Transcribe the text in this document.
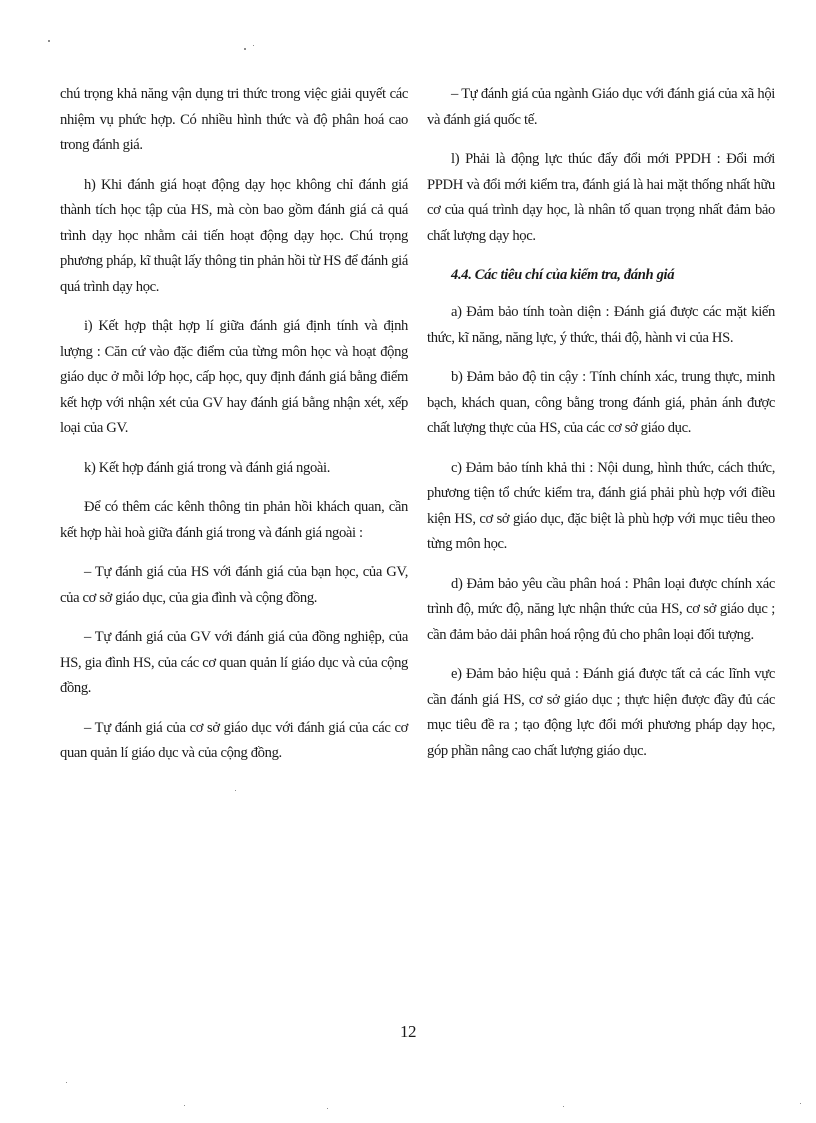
chú trọng khả năng vận dụng tri thức trong việc giải quyết các nhiệm vụ phức hợp. Có nhiều hình thức và độ phân hoá cao trong đánh giá.

h) Khi đánh giá hoạt động dạy học không chỉ đánh giá thành tích học tập của HS, mà còn bao gồm đánh giá cả quá trình dạy học nhằm cải tiến hoạt động dạy học. Chú trọng phương pháp, kĩ thuật lấy thông tin phản hồi từ HS để đánh giá quá trình dạy học.

i) Kết hợp thật hợp lí giữa đánh giá định tính và định lượng : Căn cứ vào đặc điểm của từng môn học và hoạt động giáo dục ở mỗi lớp học, cấp học, quy định đánh giá bằng điểm kết hợp với nhận xét của GV hay đánh giá bằng nhận xét, xếp loại của GV.

k) Kết hợp đánh giá trong và đánh giá ngoài.

Để có thêm các kênh thông tin phản hồi khách quan, cần kết hợp hài hoà giữa đánh giá trong và đánh giá ngoài :

– Tự đánh giá của HS với đánh giá của bạn học, của GV, của cơ sở giáo dục, của gia đình và cộng đồng.

– Tự đánh giá của GV với đánh giá của đồng nghiệp, của HS, gia đình HS, của các cơ quan quản lí giáo dục và của cộng đồng.

– Tự đánh giá của cơ sở giáo dục với đánh giá của các cơ quan quản lí giáo dục và của cộng đồng.

– Tự đánh giá của ngành Giáo dục với đánh giá của xã hội và đánh giá quốc tế.

l) Phải là động lực thúc đẩy đổi mới PPDH : Đổi mới PPDH và đổi mới kiểm tra, đánh giá là hai mặt thống nhất hữu cơ của quá trình dạy học, là nhân tố quan trọng nhất đảm bảo chất lượng dạy học.

4.4. Các tiêu chí của kiểm tra, đánh giá

a) Đảm bảo tính toàn diện : Đánh giá được các mặt kiến thức, kĩ năng, năng lực, ý thức, thái độ, hành vi của HS.

b) Đảm bảo độ tin cậy : Tính chính xác, trung thực, minh bạch, khách quan, công bằng trong đánh giá, phản ánh được chất lượng thực của HS, của các cơ sở giáo dục.

c) Đảm bảo tính khả thi : Nội dung, hình thức, cách thức, phương tiện tổ chức kiểm tra, đánh giá phải phù hợp với điều kiện HS, cơ sở giáo dục, đặc biệt là phù hợp với mục tiêu theo từng môn học.

d) Đảm bảo yêu cầu phân hoá : Phân loại được chính xác trình độ, mức độ, năng lực nhận thức của HS, cơ sở giáo dục ; cần đảm bảo dải phân hoá rộng đủ cho phân loại đối tượng.

e) Đảm bảo hiệu quả : Đánh giá được tất cả các lĩnh vực cần đánh giá HS, cơ sở giáo dục ; thực hiện được đầy đủ các mục tiêu đề ra ; tạo động lực đổi mới phương pháp dạy học, góp phần nâng cao chất lượng giáo dục.

12
